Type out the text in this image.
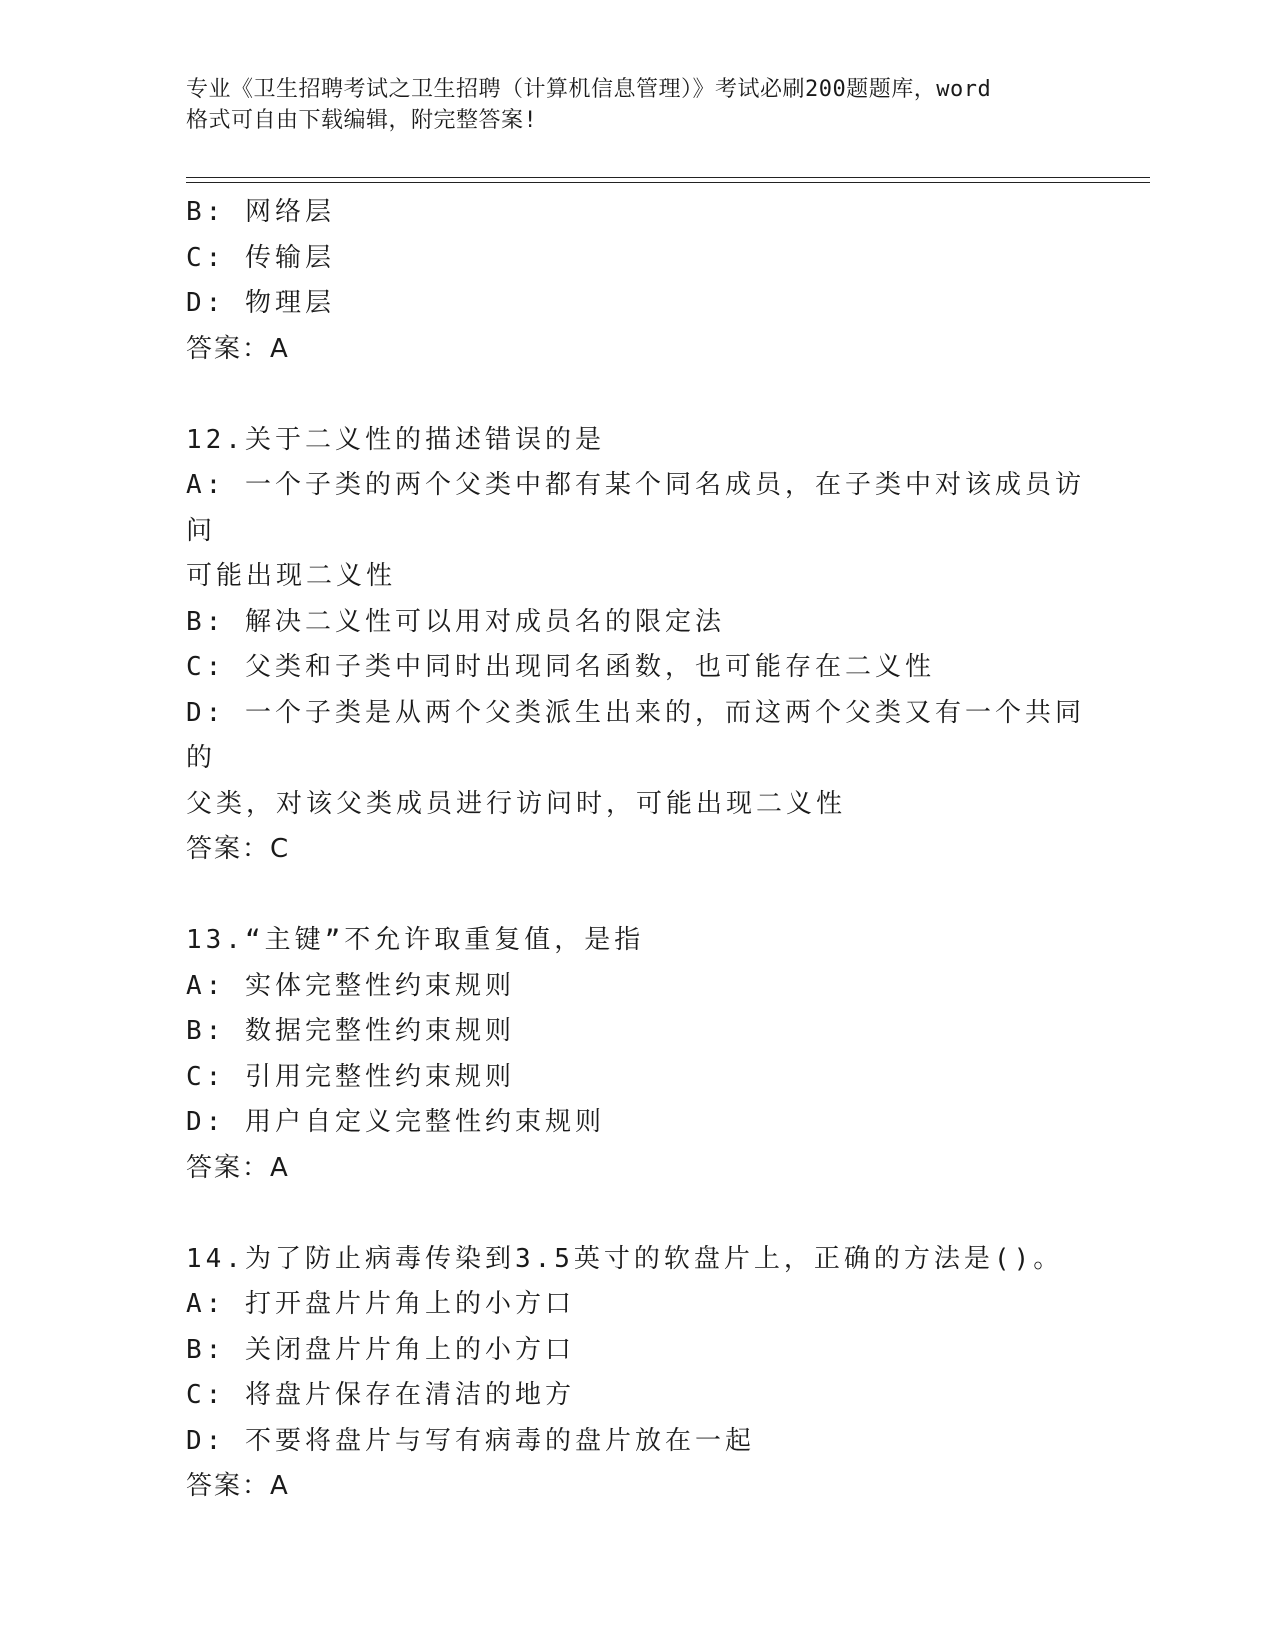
专业《卫生招聘考试之卫生招聘（计算机信息管理）》考试必刷200题题库，word
格式可自由下载编辑，附完整答案!
B: 网络层
C: 传输层
D: 物理层
答案：A
12.关于二义性的描述错误的是
A: 一个子类的两个父类中都有某个同名成员，在子类中对该成员访问
可能出现二义性
B: 解决二义性可以用对成员名的限定法
C: 父类和子类中同时出现同名函数，也可能存在二义性
D: 一个子类是从两个父类派生出来的，而这两个父类又有一个共同的
父类，对该父类成员进行访问时，可能出现二义性
答案：C
13.“主键”不允许取重复值，是指
A: 实体完整性约束规则
B: 数据完整性约束规则
C: 引用完整性约束规则
D: 用户自定义完整性约束规则
答案：A
14.为了防止病毒传染到3.5英寸的软盘片上，正确的方法是()。
A: 打开盘片片角上的小方口
B: 关闭盘片片角上的小方口
C: 将盘片保存在清洁的地方
D: 不要将盘片与写有病毒的盘片放在一起
答案：A
